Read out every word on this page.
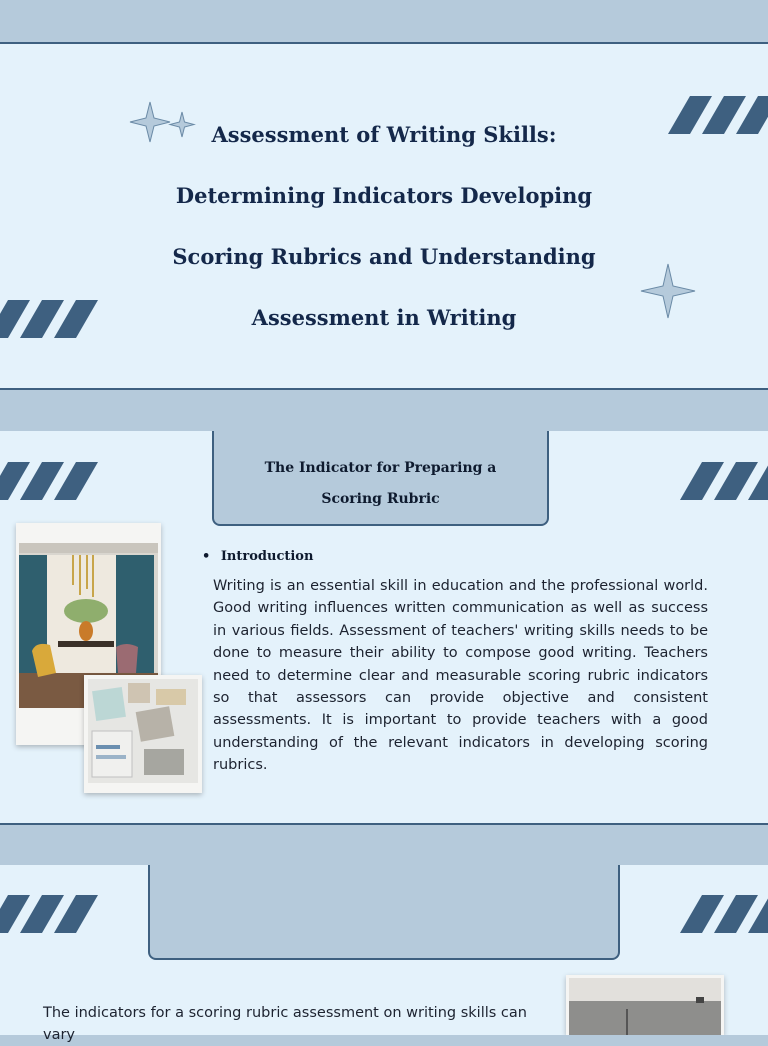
Assessment of Writing Skills:
Determining Indicators Developing
Scoring Rubrics and Understanding
Assessment in Writing
The Indicator for Preparing a
Scoring Rubric
• Introduction

Writing is an essential skill in education and the professional world. Good writing influences written communication as well as success in various fields. Assessment of teachers' writing skills needs to be done to measure their ability to compose good writing. Teachers need to determine clear and measurable scoring rubric indicators so that assessors can provide objective and consistent assessments. It is important to provide teachers with a good understanding of the relevant indicators in developing scoring rubrics.

The indicators for a scoring rubric assessment on writing skills can vary
